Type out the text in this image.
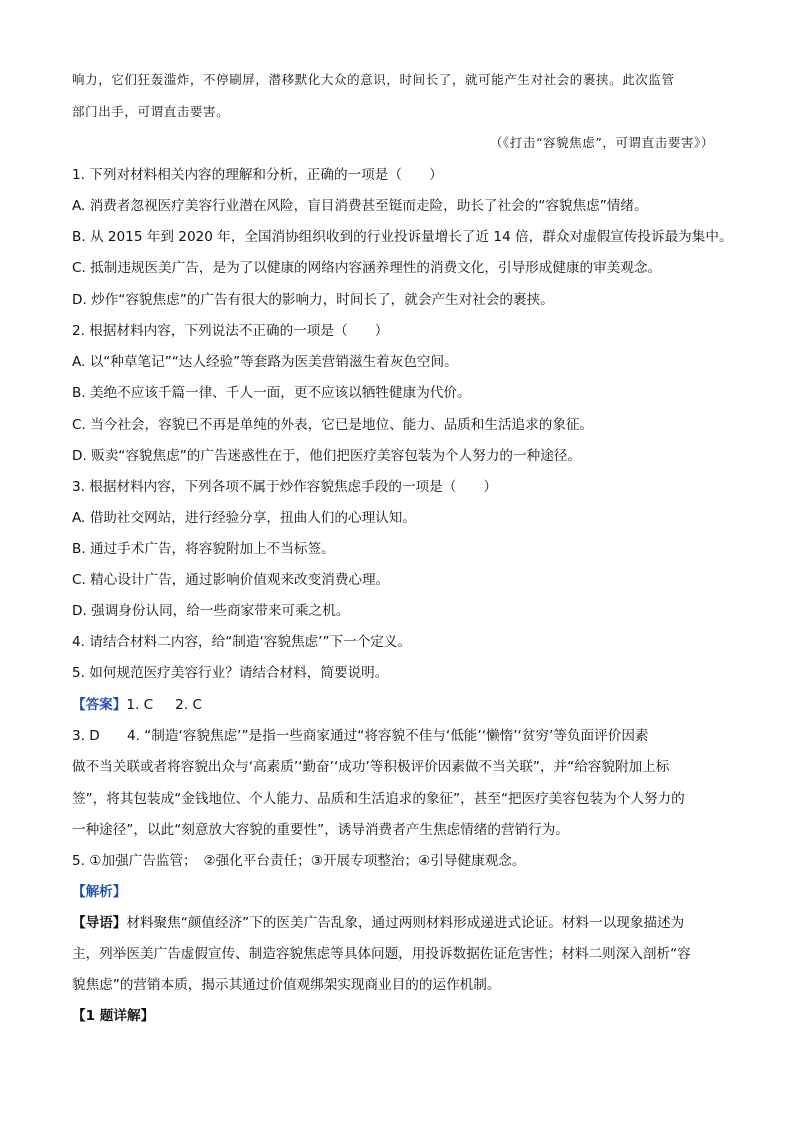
响力，它们狂轰滥炸，不停刷屏，潜移默化大众的意识，时间长了，就可能产生对社会的裹挟。此次监管
部门出手，可谓直击要害。
（《打击“容貌焦虑”，可谓直击要害》）
1. 下列对材料相关内容的理解和分析，正确的一项是（　　）
A. 消费者忽视医疗美容行业潜在风险，盲目消费甚至铤而走险，助长了社会的“容貌焦虑”情绪。
B. 从 2015 年到 2020 年，全国消协组织收到的行业投诉量增长了近 14 倍，群众对虚假宣传投诉最为集中。
C. 抵制违规医美广告，是为了以健康的网络内容涵养理性的消费文化，引导形成健康的审美观念。
D. 炒作“容貌焦虑”的广告有很大的影响力，时间长了，就会产生对社会的裹挟。
2. 根据材料内容，下列说法不正确的一项是（　　）
A. 以“种草笔记”“达人经验”等套路为医美营销滋生着灰色空间。
B. 美绝不应该千篇一律、千人一面，更不应该以牺牲健康为代价。
C. 当今社会，容貌已不再是单纯的外表，它已是地位、能力、品质和生活追求的象征。
D. 贩卖“容貌焦虑”的广告迷惑性在于，他们把医疗美容包装为个人努力的一种途径。
3. 根据材料内容，下列各项不属于炒作容貌焦虑手段的一项是（　　）
A. 借助社交网站，进行经验分享，扭曲人们的心理认知。
B. 通过手术广告，将容貌附加上不当标签。
C. 精心设计广告，通过影响价值观来改变消费心理。
D. 强调身份认同，给一些商家带来可乘之机。
4. 请结合材料二内容，给“制造‘容貌焦虑’”下一个定义。
5. 如何规范医疗美容行业？请结合材料，简要说明。
【答案】1. C 2. C
3. D　　4. “制造‘容貌焦虑’”是指一些商家通过“将容貌不佳与‘低能’‘懒惰’‘贫穷’等负面评价因素
做不当关联或者将容貌出众与‘高素质’‘勤奋’‘成功’等积极评价因素做不当关联”，并“给容貌附加上标
签”，将其包装成“金钱地位、个人能力、品质和生活追求的象征”，甚至“把医疗美容包装为个人努力的
一种途径”，以此“刻意放大容貌的重要性”，诱导消费者产生焦虑情绪的营销行为。
5. ①加强广告监管；　②强化平台责任；③开展专项整治；④引导健康观念。
【解析】
【导语】材料聚焦“颜值经济”下的医美广告乱象，通过两则材料形成递进式论证。材料一以现象描述为
主，列举医美广告虚假宣传、制造容貌焦虑等具体问题，用投诉数据佐证危害性；材料二则深入剖析“容
貌焦虑”的营销本质，揭示其通过价值观绑架实现商业目的的运作机制。
【1 题详解】
